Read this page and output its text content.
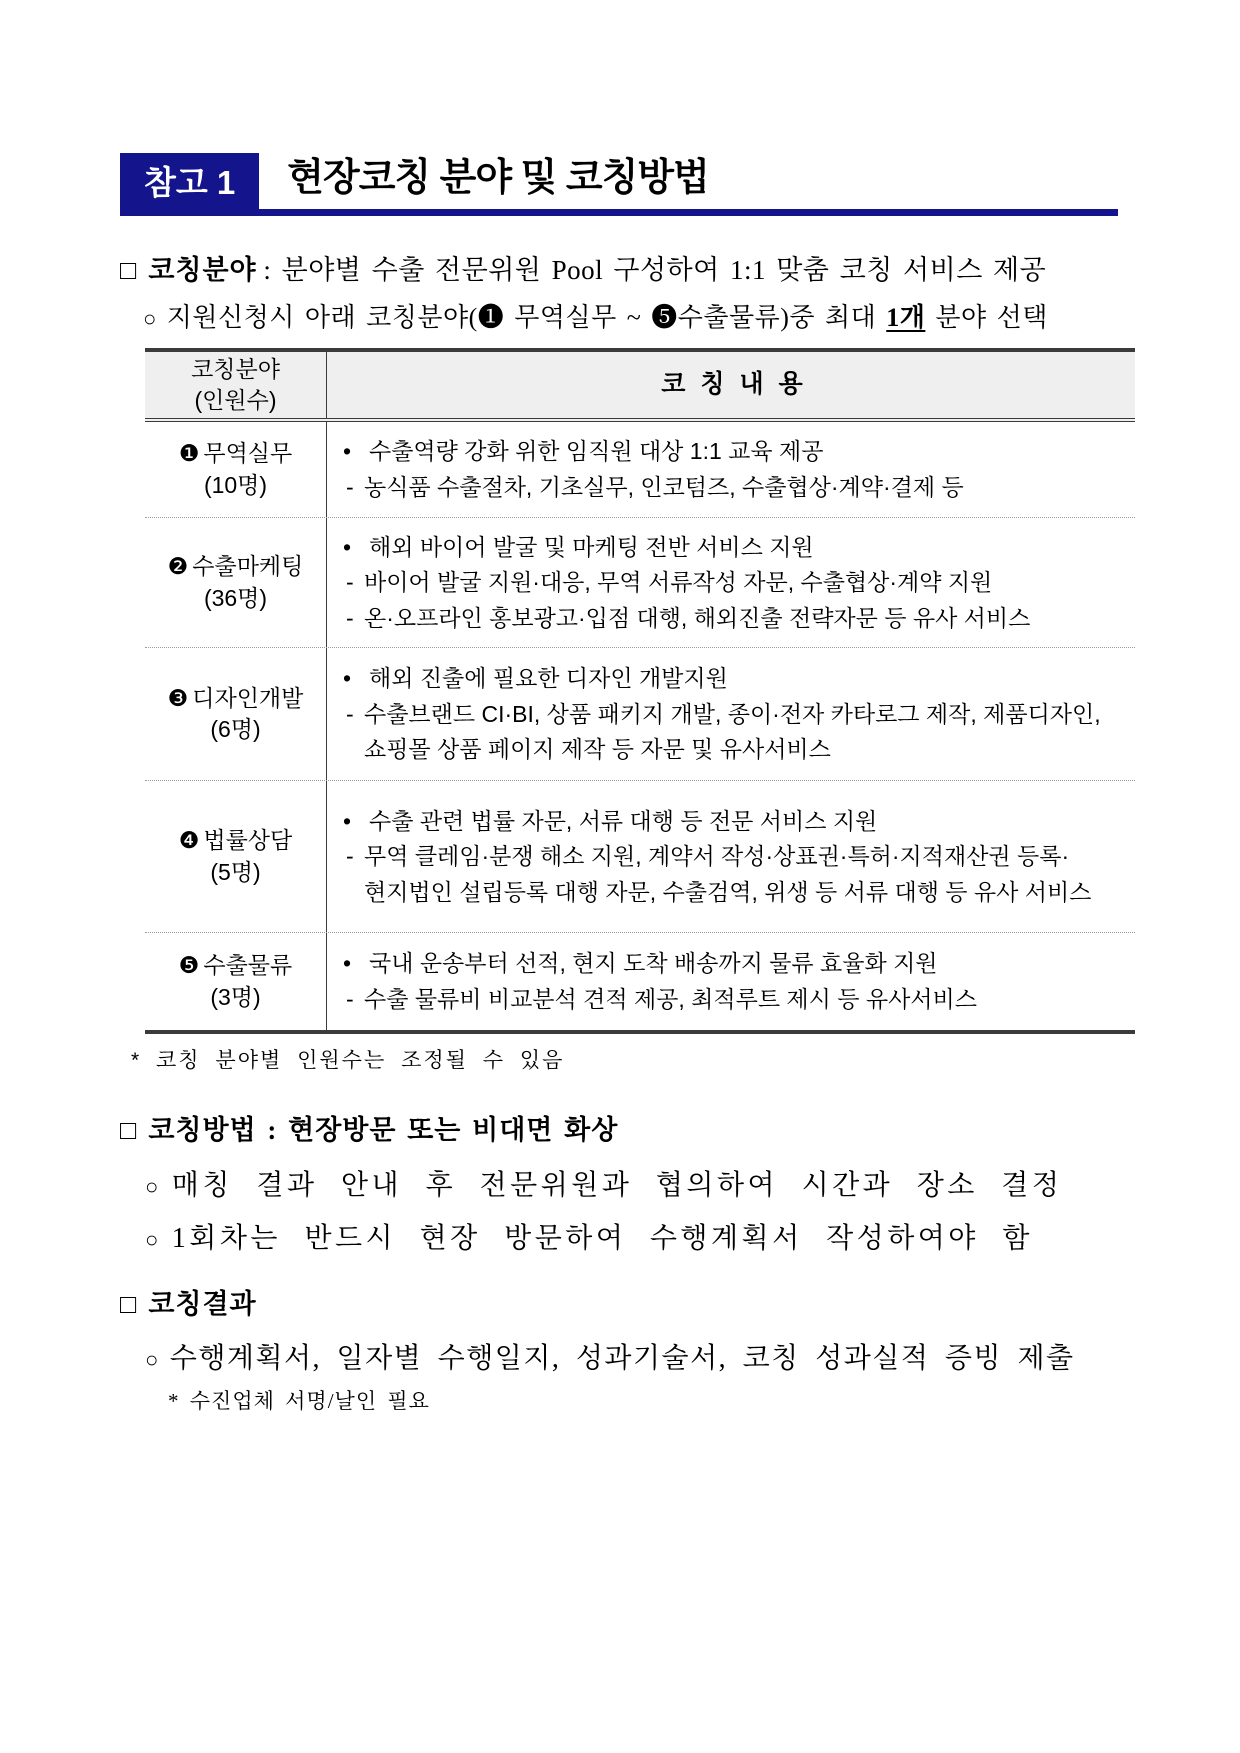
참고 1	현장코칭 분야 및 코칭방법
□ 코칭분야 : 분야별 수출 전문위원 Pool 구성하여 1:1 맞춤 코칭 서비스 제공
○ 지원신청시 아래 코칭분야(❶ 무역실무 ~ ❺수출물류)중 최대 1개 분야 선택
코칭분야
(인원수)
코 칭 내 용
❶ 무역실무
(10명)
• 수출역량 강화 위한 임직원 대상 1:1 교육 제공
- 농식품 수출절차, 기초실무, 인코텀즈, 수출협상·계약·결제 등
❷ 수출마케팅
(36명)
• 해외 바이어 발굴 및 마케팅 전반 서비스 지원
- 바이어 발굴 지원·대응, 무역 서류작성 자문, 수출협상·계약 지원
- 온·오프라인 홍보광고·입점 대행, 해외진출 전략자문 등 유사 서비스
❸ 디자인개발
(6명)
• 해외 진출에 필요한 디자인 개발지원
- 수출브랜드 CI·BI, 상품 패키지 개발, 종이·전자 카타로그 제작, 제품디자인,
쇼핑몰 상품 페이지 제작 등 자문 및 유사서비스
❹ 법률상담
(5명)
• 수출 관련 법률 자문, 서류 대행 등 전문 서비스 지원
- 무역 클레임·분쟁 해소 지원, 계약서 작성·상표권·특허·지적재산권 등록·
현지법인 설립등록 대행 자문, 수출검역, 위생 등 서류 대행 등 유사 서비스
❺ 수출물류
(3명)
• 국내 운송부터 선적, 현지 도착 배송까지 물류 효율화 지원
- 수출 물류비 비교분석 견적 제공, 최적루트 제시 등 유사서비스
* 코칭 분야별 인원수는 조정될 수 있음
□ 코칭방법 : 현장방문 또는 비대면 화상
○ 매칭 결과 안내 후 전문위원과 협의하여 시간과 장소 결정
○ 1회차는 반드시 현장 방문하여 수행계획서 작성하여야 함
□ 코칭결과
○ 수행계획서, 일자별 수행일지, 성과기술서, 코칭 성과실적 증빙 제출
* 수진업체 서명/날인 필요
